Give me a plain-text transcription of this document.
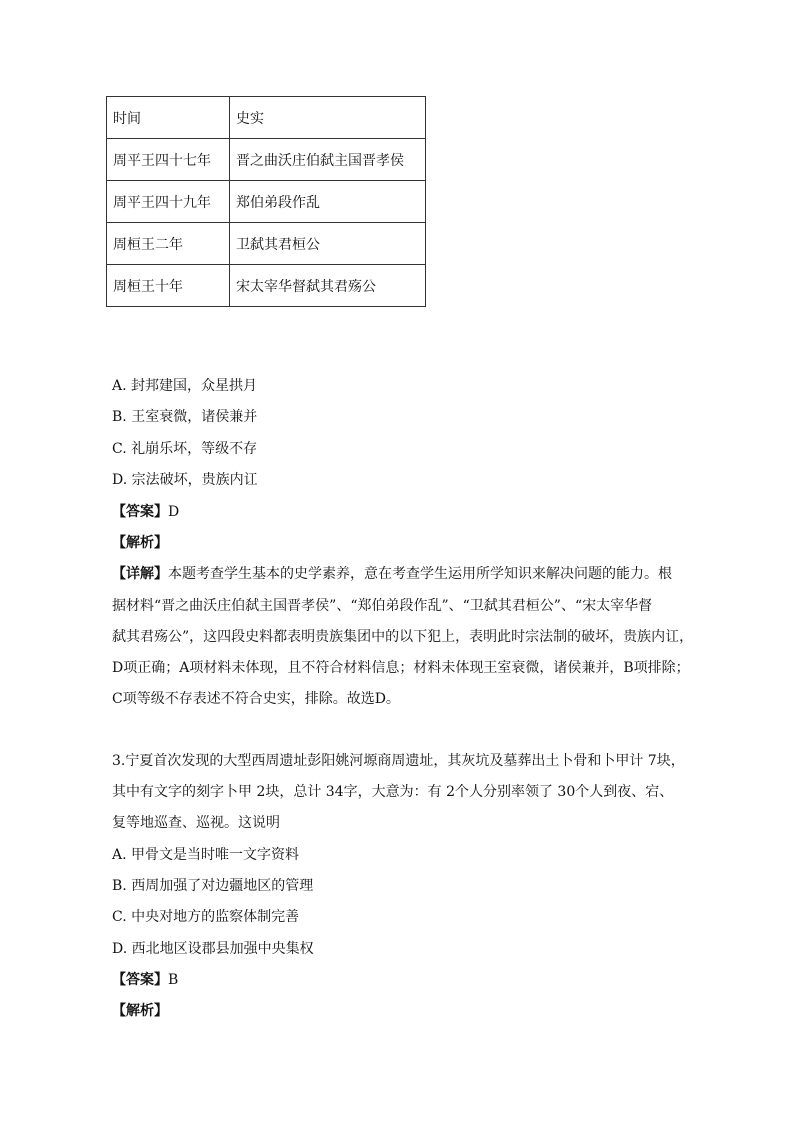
时间	史实
周平王四十七年	晋之曲沃庄伯弑主国晋孝侯
周平王四十九年	郑伯弟段作乱
周桓王二年	卫弑其君桓公
周桓王十年	宋太宰华督弑其君殇公
A. 封邦建国，众星拱月
B. 王室衰微，诸侯兼并
C. 礼崩乐坏，等级不存
D. 宗法破坏，贵族内讧
【答案】D
【解析】
【详解】本题考查学生基本的史学素养，意在考查学生运用所学知识来解决问题的能力。根
据材料“晋之曲沃庄伯弑主国晋孝侯”、“郑伯弟段作乱”、“卫弑其君桓公”、“宋太宰华督
弑其君殇公”，这四段史料都表明贵族集团中的以下犯上，表明此时宗法制的破坏，贵族内讧，
D项正确；A项材料未体现，且不符合材料信息；材料未体现王室衰微，诸侯兼并，B项排除；
C项等级不存表述不符合史实，排除。故选D。
3.宁夏首次发现的大型西周遗址彭阳姚河塬商周遗址，其灰坑及墓葬出土卜骨和卜甲计 7块，
其中有文字的刻字卜甲 2块，总计 34字，大意为：有 2个人分别率领了 30个人到夜、宕、
复等地巡查、巡视。这说明
A. 甲骨文是当时唯一文字资料
B. 西周加强了对边疆地区的管理
C. 中央对地方的监察体制完善
D. 西北地区设郡县加强中央集权
【答案】B
【解析】
